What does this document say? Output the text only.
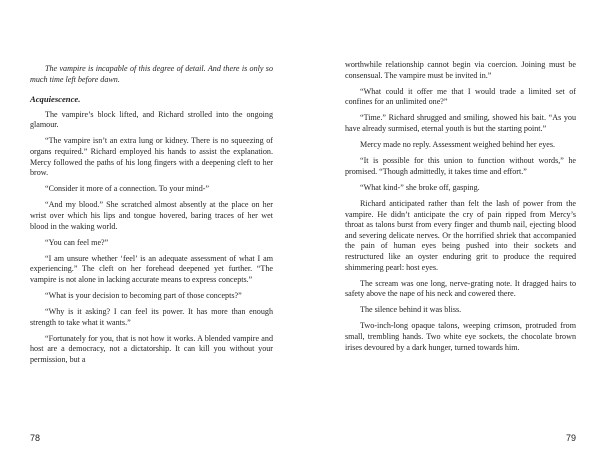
The vampire is incapable of this degree of detail. And there is only so much time left before dawn.

Acquiescence.

The vampire’s block lifted, and Richard strolled into the ongoing glamour.

“The vampire isn’t an extra lung or kidney. There is no squeezing of organs required.” Richard employed his hands to assist the explanation. Mercy followed the paths of his long fingers with a deepening cleft to her brow.

“Consider it more of a connection. To your mind-”

“And my blood.” She scratched almost absently at the place on her wrist over which his lips and tongue hovered, baring traces of her wet blood in the waking world.

“You can feel me?”

“I am unsure whether ‘feel’ is an adequate assessment of what I am experiencing.” The cleft on her forehead deepened yet further. “The vampire is not alone in lacking accurate means to express concepts.”

“What is your decision to becoming part of those concepts?”

“Why is it asking? I can feel its power. It has more than enough strength to take what it wants.”

“Fortunately for you, that is not how it works. A blended vampire and host are a democracy, not a dictatorship. It can kill you without your permission, but a

78

worthwhile relationship cannot begin via coercion. Joining must be consensual. The vampire must be invited in.”

“What could it offer me that I would trade a limited set of confines for an unlimited one?”

“Time.” Richard shrugged and smiling, showed his bait. “As you have already surmised, eternal youth is but the starting point.”

Mercy made no reply. Assessment weighed behind her eyes.

“It is possible for this union to function without words,” he promised. “Though admittedly, it takes time and effort.”

“What kind-” she broke off, gasping.

Richard anticipated rather than felt the lash of power from the vampire. He didn’t anticipate the cry of pain ripped from Mercy’s throat as talons burst from every finger and thumb nail, ejecting blood and severing delicate nerves. Or the horrified shriek that accompanied the pain of human eyes being pushed into their sockets and restructured like an oyster enduring grit to produce the required shimmering pearl: host eyes.

The scream was one long, nerve-grating note. It dragged hairs to safety above the nape of his neck and cowered there.

The silence behind it was bliss.

Two-inch-long opaque talons, weeping crimson, protruded from small, trembling hands. Two white eye sockets, the chocolate brown irises devoured by a dark hunger, turned towards him.

79
